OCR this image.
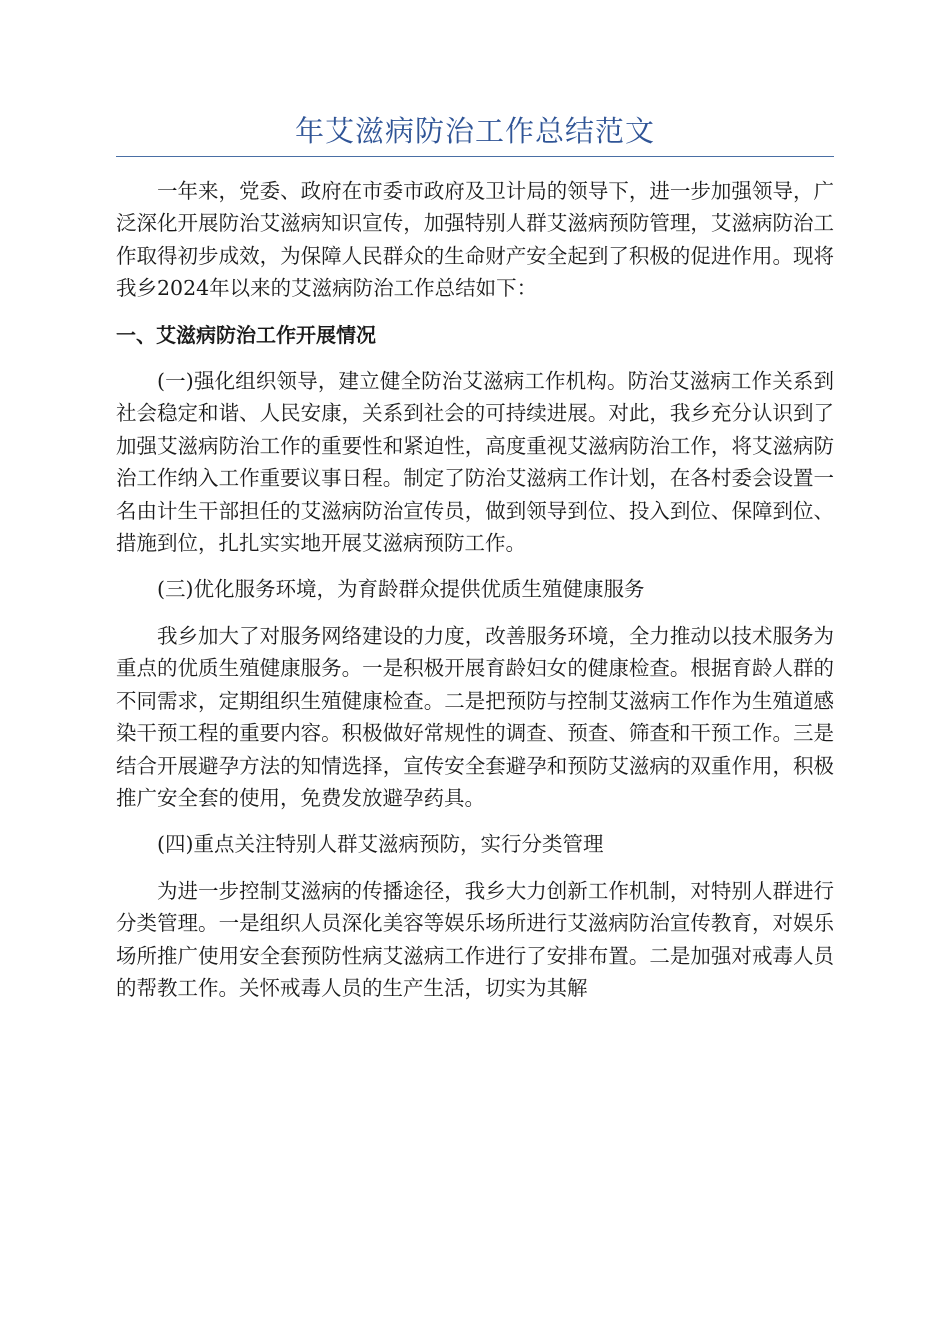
年艾滋病防治工作总结范文

一年来，党委、政府在市委市政府及卫计局的领导下，进一步加强领导，广泛深化开展防治艾滋病知识宣传，加强特别人群艾滋病预防管理，艾滋病防治工作取得初步成效，为保障人民群众的生命财产安全起到了积极的促进作用。现将我乡2024年以来的艾滋病防治工作总结如下：

一、艾滋病防治工作开展情况

(一)强化组织领导，建立健全防治艾滋病工作机构。防治艾滋病工作关系到社会稳定和谐、人民安康，关系到社会的可持续进展。对此，我乡充分认识到了加强艾滋病防治工作的重要性和紧迫性，高度重视艾滋病防治工作，将艾滋病防治工作纳入工作重要议事日程。制定了防治艾滋病工作计划，在各村委会设置一名由计生干部担任的艾滋病防治宣传员，做到领导到位、投入到位、保障到位、措施到位，扎扎实实地开展艾滋病预防工作。

(三)优化服务环境，为育龄群众提供优质生殖健康服务

我乡加大了对服务网络建设的力度，改善服务环境，全力推动以技术服务为重点的优质生殖健康服务。一是积极开展育龄妇女的健康检查。根据育龄人群的不同需求，定期组织生殖健康检查。二是把预防与控制艾滋病工作作为生殖道感染干预工程的重要内容。积极做好常规性的调查、预查、筛查和干预工作。三是结合开展避孕方法的知情选择，宣传安全套避孕和预防艾滋病的双重作用，积极推广安全套的使用，免费发放避孕药具。

(四)重点关注特别人群艾滋病预防，实行分类管理

为进一步控制艾滋病的传播途径，我乡大力创新工作机制，对特别人群进行分类管理。一是组织人员深化美容等娱乐场所进行艾滋病防治宣传教育，对娱乐场所推广使用安全套预防性病艾滋病工作进行了安排布置。二是加强对戒毒人员的帮教工作。关怀戒毒人员的生产生活，切实为其解
